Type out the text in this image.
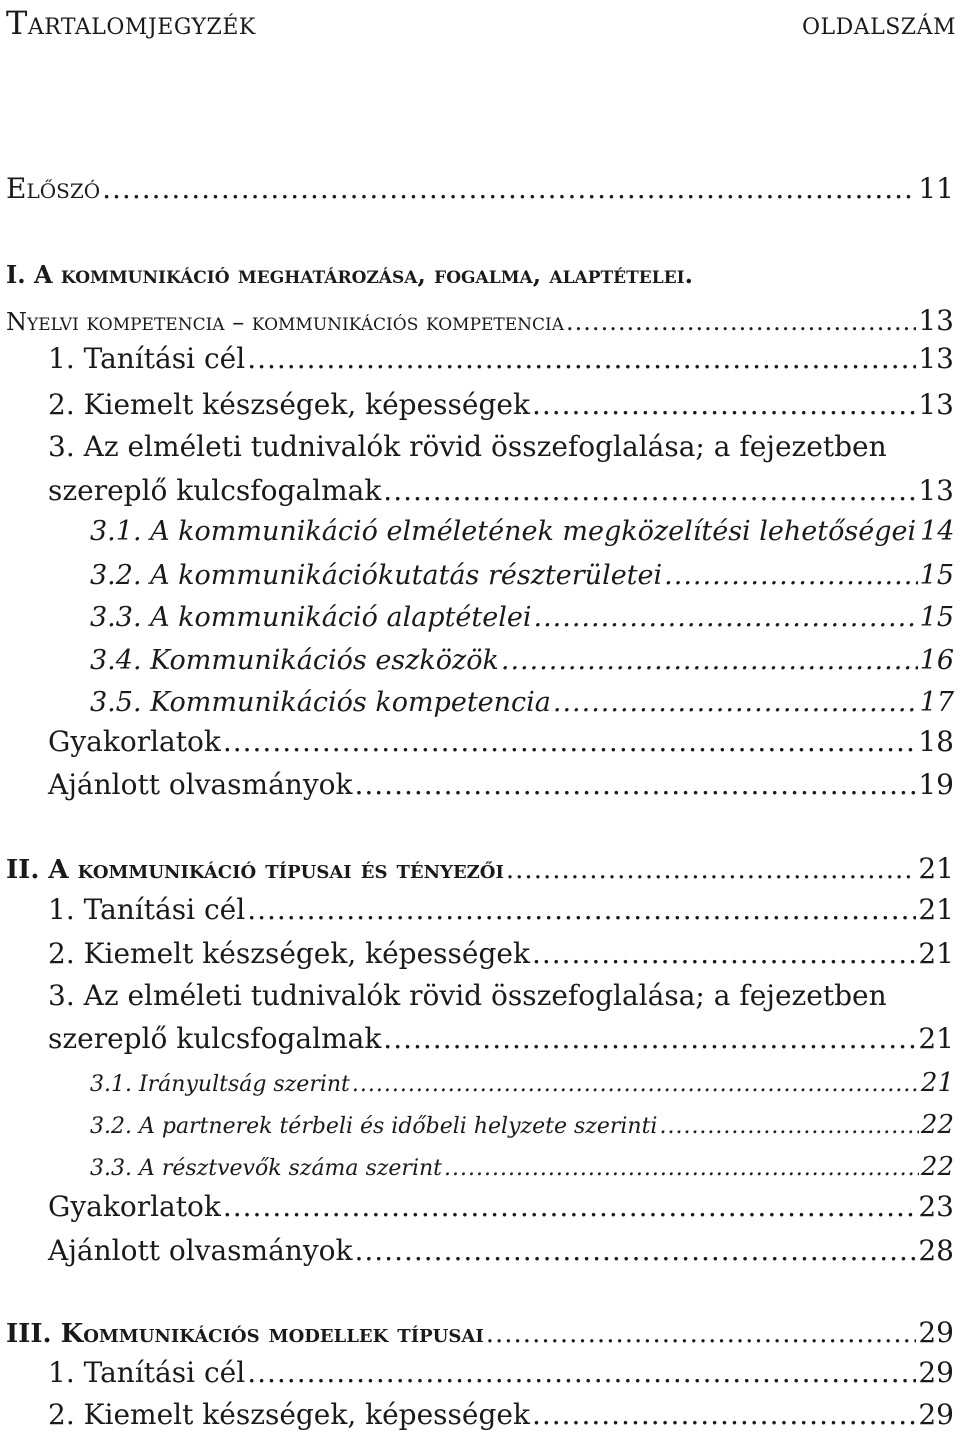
Tartalomjegyzék	oldalszám
Előszó .....	11
I. A kommunikáció meghatározása, fogalma, alaptételei.
Nyelvi kompetencia – kommunikációs kompetencia .....	13
1. Tanítási cél .....	13
2. Kiemelt készségek, képességek .....	13
3. Az elméleti tudnivalók rövid összefoglalása; a fejezetben
szereplő kulcsfogalmak .....	13
3.1. A kommunikáció elméletének megközelítési lehetőségei 14
3.2. A kommunikációkutatás részterületei .....	15
3.3. A kommunikáció alaptételei .....	15
3.4. Kommunikációs eszközök .....	16
3.5. Kommunikációs kompetencia .....	17
Gyakorlatok .....	18
Ajánlott olvasmányok .....	19
II. A kommunikáció típusai és tényezői .....	21
1. Tanítási cél .....	21
2. Kiemelt készségek, képességek .....	21
3. Az elméleti tudnivalók rövid összefoglalása; a fejezetben
szereplő kulcsfogalmak .....	21
3.1. Irányultság szerint .....	21
3.2. A partnerek térbeli és időbeli helyzete szerinti .....	22
3.3. A résztvevők száma szerint .....	22
Gyakorlatok .....	23
Ajánlott olvasmányok .....	28
III. Kommunikációs modellek típusai .....	29
1. Tanítási cél .....	29
2. Kiemelt készségek, képességek .....	29
